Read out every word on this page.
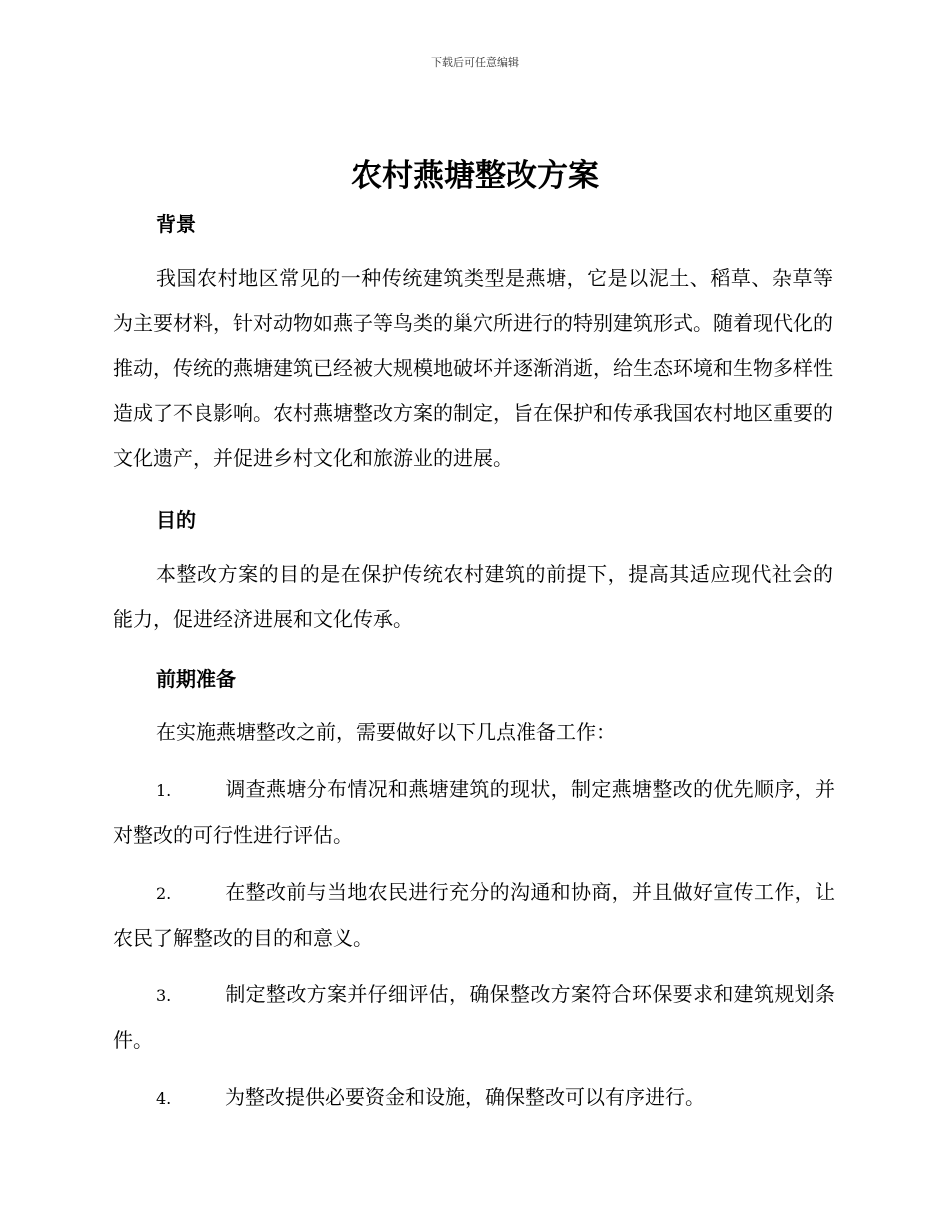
下载后可任意编辑
农村燕塘整改方案
背景
我国农村地区常见的一种传统建筑类型是燕塘，它是以泥土、稻草、杂草等为主要材料，针对动物如燕子等鸟类的巢穴所进行的特别建筑形式。随着现代化的推动，传统的燕塘建筑已经被大规模地破坏并逐渐消逝，给生态环境和生物多样性造成了不良影响。农村燕塘整改方案的制定，旨在保护和传承我国农村地区重要的文化遗产，并促进乡村文化和旅游业的进展。
目的
本整改方案的目的是在保护传统农村建筑的前提下，提高其适应现代社会的能力，促进经济进展和文化传承。
前期准备
在实施燕塘整改之前，需要做好以下几点准备工作：
1.	调查燕塘分布情况和燕塘建筑的现状，制定燕塘整改的优先顺序，并对整改的可行性进行评估。
2.	在整改前与当地农民进行充分的沟通和协商，并且做好宣传工作，让农民了解整改的目的和意义。
3.	制定整改方案并仔细评估，确保整改方案符合环保要求和建筑规划条件。
4.	为整改提供必要资金和设施，确保整改可以有序进行。
